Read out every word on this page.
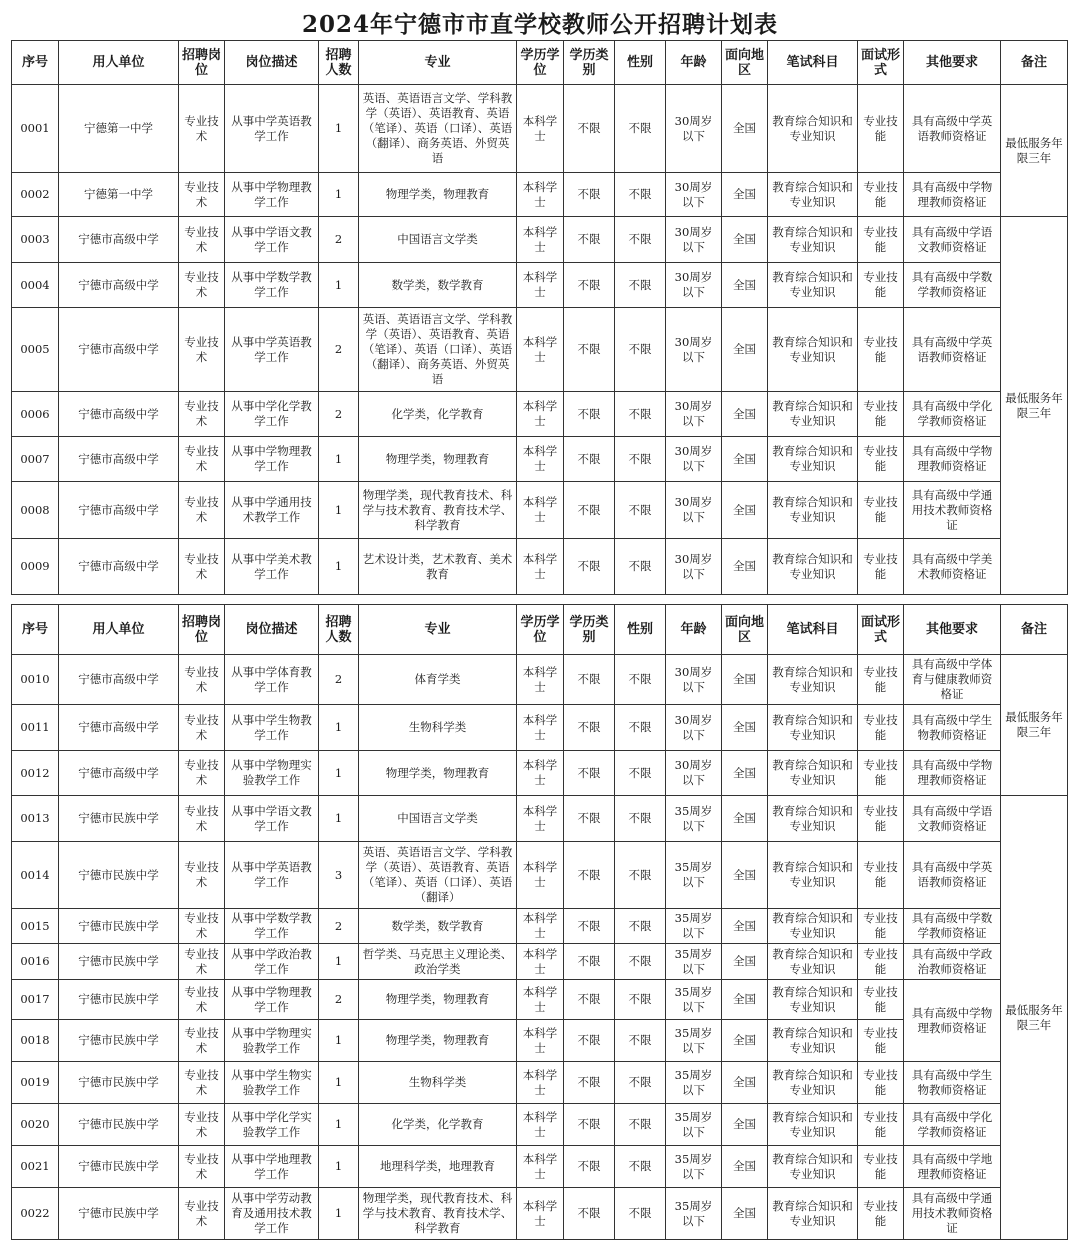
2024年宁德市市直学校教师公开招聘计划表
序号	用人单位	招聘岗位	岗位描述	招聘人数	专业	学历学位	学历类别	性别	年龄	面向地区	笔试科目	面试形式	其他要求	备注
0001	宁德第一中学	专业技术	从事中学英语教学工作	1	英语、英语语言文学、学科教学（英语）、英语教育、英语（笔译）、英语（口译）、英语（翻译）、商务英语、外贸英语	本科学士	不限	不限	30周岁以下	全国	教育综合知识和专业知识	专业技能	具有高级中学英语教师资格证	最低服务年限三年
0002	宁德第一中学	专业技术	从事中学物理教学工作	1	物理学类，物理教育	本科学士	不限	不限	30周岁以下	全国	教育综合知识和专业知识	专业技能	具有高级中学物理教师资格证	
0003	宁德市高级中学	专业技术	从事中学语文教学工作	2	中国语言文学类	本科学士	不限	不限	30周岁以下	全国	教育综合知识和专业知识	专业技能	具有高级中学语文教师资格证	最低服务年限三年
0004	宁德市高级中学	专业技术	从事中学数学教学工作	1	数学类，数学教育	本科学士	不限	不限	30周岁以下	全国	教育综合知识和专业知识	专业技能	具有高级中学数学教师资格证	
0005	宁德市高级中学	专业技术	从事中学英语教学工作	2	英语、英语语言文学、学科教学（英语）、英语教育、英语（笔译）、英语（口译）、英语（翻译）、商务英语、外贸英语	本科学士	不限	不限	30周岁以下	全国	教育综合知识和专业知识	专业技能	具有高级中学英语教师资格证	
0006	宁德市高级中学	专业技术	从事中学化学教学工作	2	化学类，化学教育	本科学士	不限	不限	30周岁以下	全国	教育综合知识和专业知识	专业技能	具有高级中学化学教师资格证	
0007	宁德市高级中学	专业技术	从事中学物理教学工作	1	物理学类，物理教育	本科学士	不限	不限	30周岁以下	全国	教育综合知识和专业知识	专业技能	具有高级中学物理教师资格证	
0008	宁德市高级中学	专业技术	从事中学通用技术教学工作	1	物理学类，现代教育技术、科学与技术教育、教育技术学、科学教育	本科学士	不限	不限	30周岁以下	全国	教育综合知识和专业知识	专业技能	具有高级中学通用技术教师资格证	
0009	宁德市高级中学	专业技术	从事中学美术教学工作	1	艺术设计类，艺术教育、美术教育	本科学士	不限	不限	30周岁以下	全国	教育综合知识和专业知识	专业技能	具有高级中学美术教师资格证	
序号	用人单位	招聘岗位	岗位描述	招聘人数	专业	学历学位	学历类别	性别	年龄	面向地区	笔试科目	面试形式	其他要求	备注
0010	宁德市高级中学	专业技术	从事中学体育教学工作	2	体育学类	本科学士	不限	不限	30周岁以下	全国	教育综合知识和专业知识	专业技能	具有高级中学体育与健康教师资格证	最低服务年限三年
0011	宁德市高级中学	专业技术	从事中学生物教学工作	1	生物科学类	本科学士	不限	不限	30周岁以下	全国	教育综合知识和专业知识	专业技能	具有高级中学生物教师资格证	
0012	宁德市高级中学	专业技术	从事中学物理实验教学工作	1	物理学类，物理教育	本科学士	不限	不限	30周岁以下	全国	教育综合知识和专业知识	专业技能	具有高级中学物理教师资格证	
0013	宁德市民族中学	专业技术	从事中学语文教学工作	1	中国语言文学类	本科学士	不限	不限	35周岁以下	全国	教育综合知识和专业知识	专业技能	具有高级中学语文教师资格证	最低服务年限三年
0014	宁德市民族中学	专业技术	从事中学英语教学工作	3	英语、英语语言文学、学科教学（英语）、英语教育、英语（笔译）、英语（口译）、英语（翻译）	本科学士	不限	不限	35周岁以下	全国	教育综合知识和专业知识	专业技能	具有高级中学英语教师资格证	
0015	宁德市民族中学	专业技术	从事中学数学教学工作	2	数学类，数学教育	本科学士	不限	不限	35周岁以下	全国	教育综合知识和专业知识	专业技能	具有高级中学数学教师资格证	
0016	宁德市民族中学	专业技术	从事中学政治教学工作	1	哲学类、马克思主义理论类、政治学类	本科学士	不限	不限	35周岁以下	全国	教育综合知识和专业知识	专业技能	具有高级中学政治教师资格证	
0017	宁德市民族中学	专业技术	从事中学物理教学工作	2	物理学类，物理教育	本科学士	不限	不限	35周岁以下	全国	教育综合知识和专业知识	专业技能	具有高级中学物理教师资格证	
0018	宁德市民族中学	专业技术	从事中学物理实验教学工作	1	物理学类，物理教育	本科学士	不限	不限	35周岁以下	全国	教育综合知识和专业知识	专业技能		
0019	宁德市民族中学	专业技术	从事中学生物实验教学工作	1	生物科学类	本科学士	不限	不限	35周岁以下	全国	教育综合知识和专业知识	专业技能	具有高级中学生物教师资格证	
0020	宁德市民族中学	专业技术	从事中学化学实验教学工作	1	化学类，化学教育	本科学士	不限	不限	35周岁以下	全国	教育综合知识和专业知识	专业技能	具有高级中学化学教师资格证	
0021	宁德市民族中学	专业技术	从事中学地理教学工作	1	地理科学类，地理教育	本科学士	不限	不限	35周岁以下	全国	教育综合知识和专业知识	专业技能	具有高级中学地理教师资格证	
0022	宁德市民族中学	专业技术	从事中学劳动教育及通用技术教学工作	1	物理学类，现代教育技术、科学与技术教育、教育技术学、科学教育	本科学士	不限	不限	35周岁以下	全国	教育综合知识和专业知识	专业技能	具有高级中学通用技术教师资格证	
